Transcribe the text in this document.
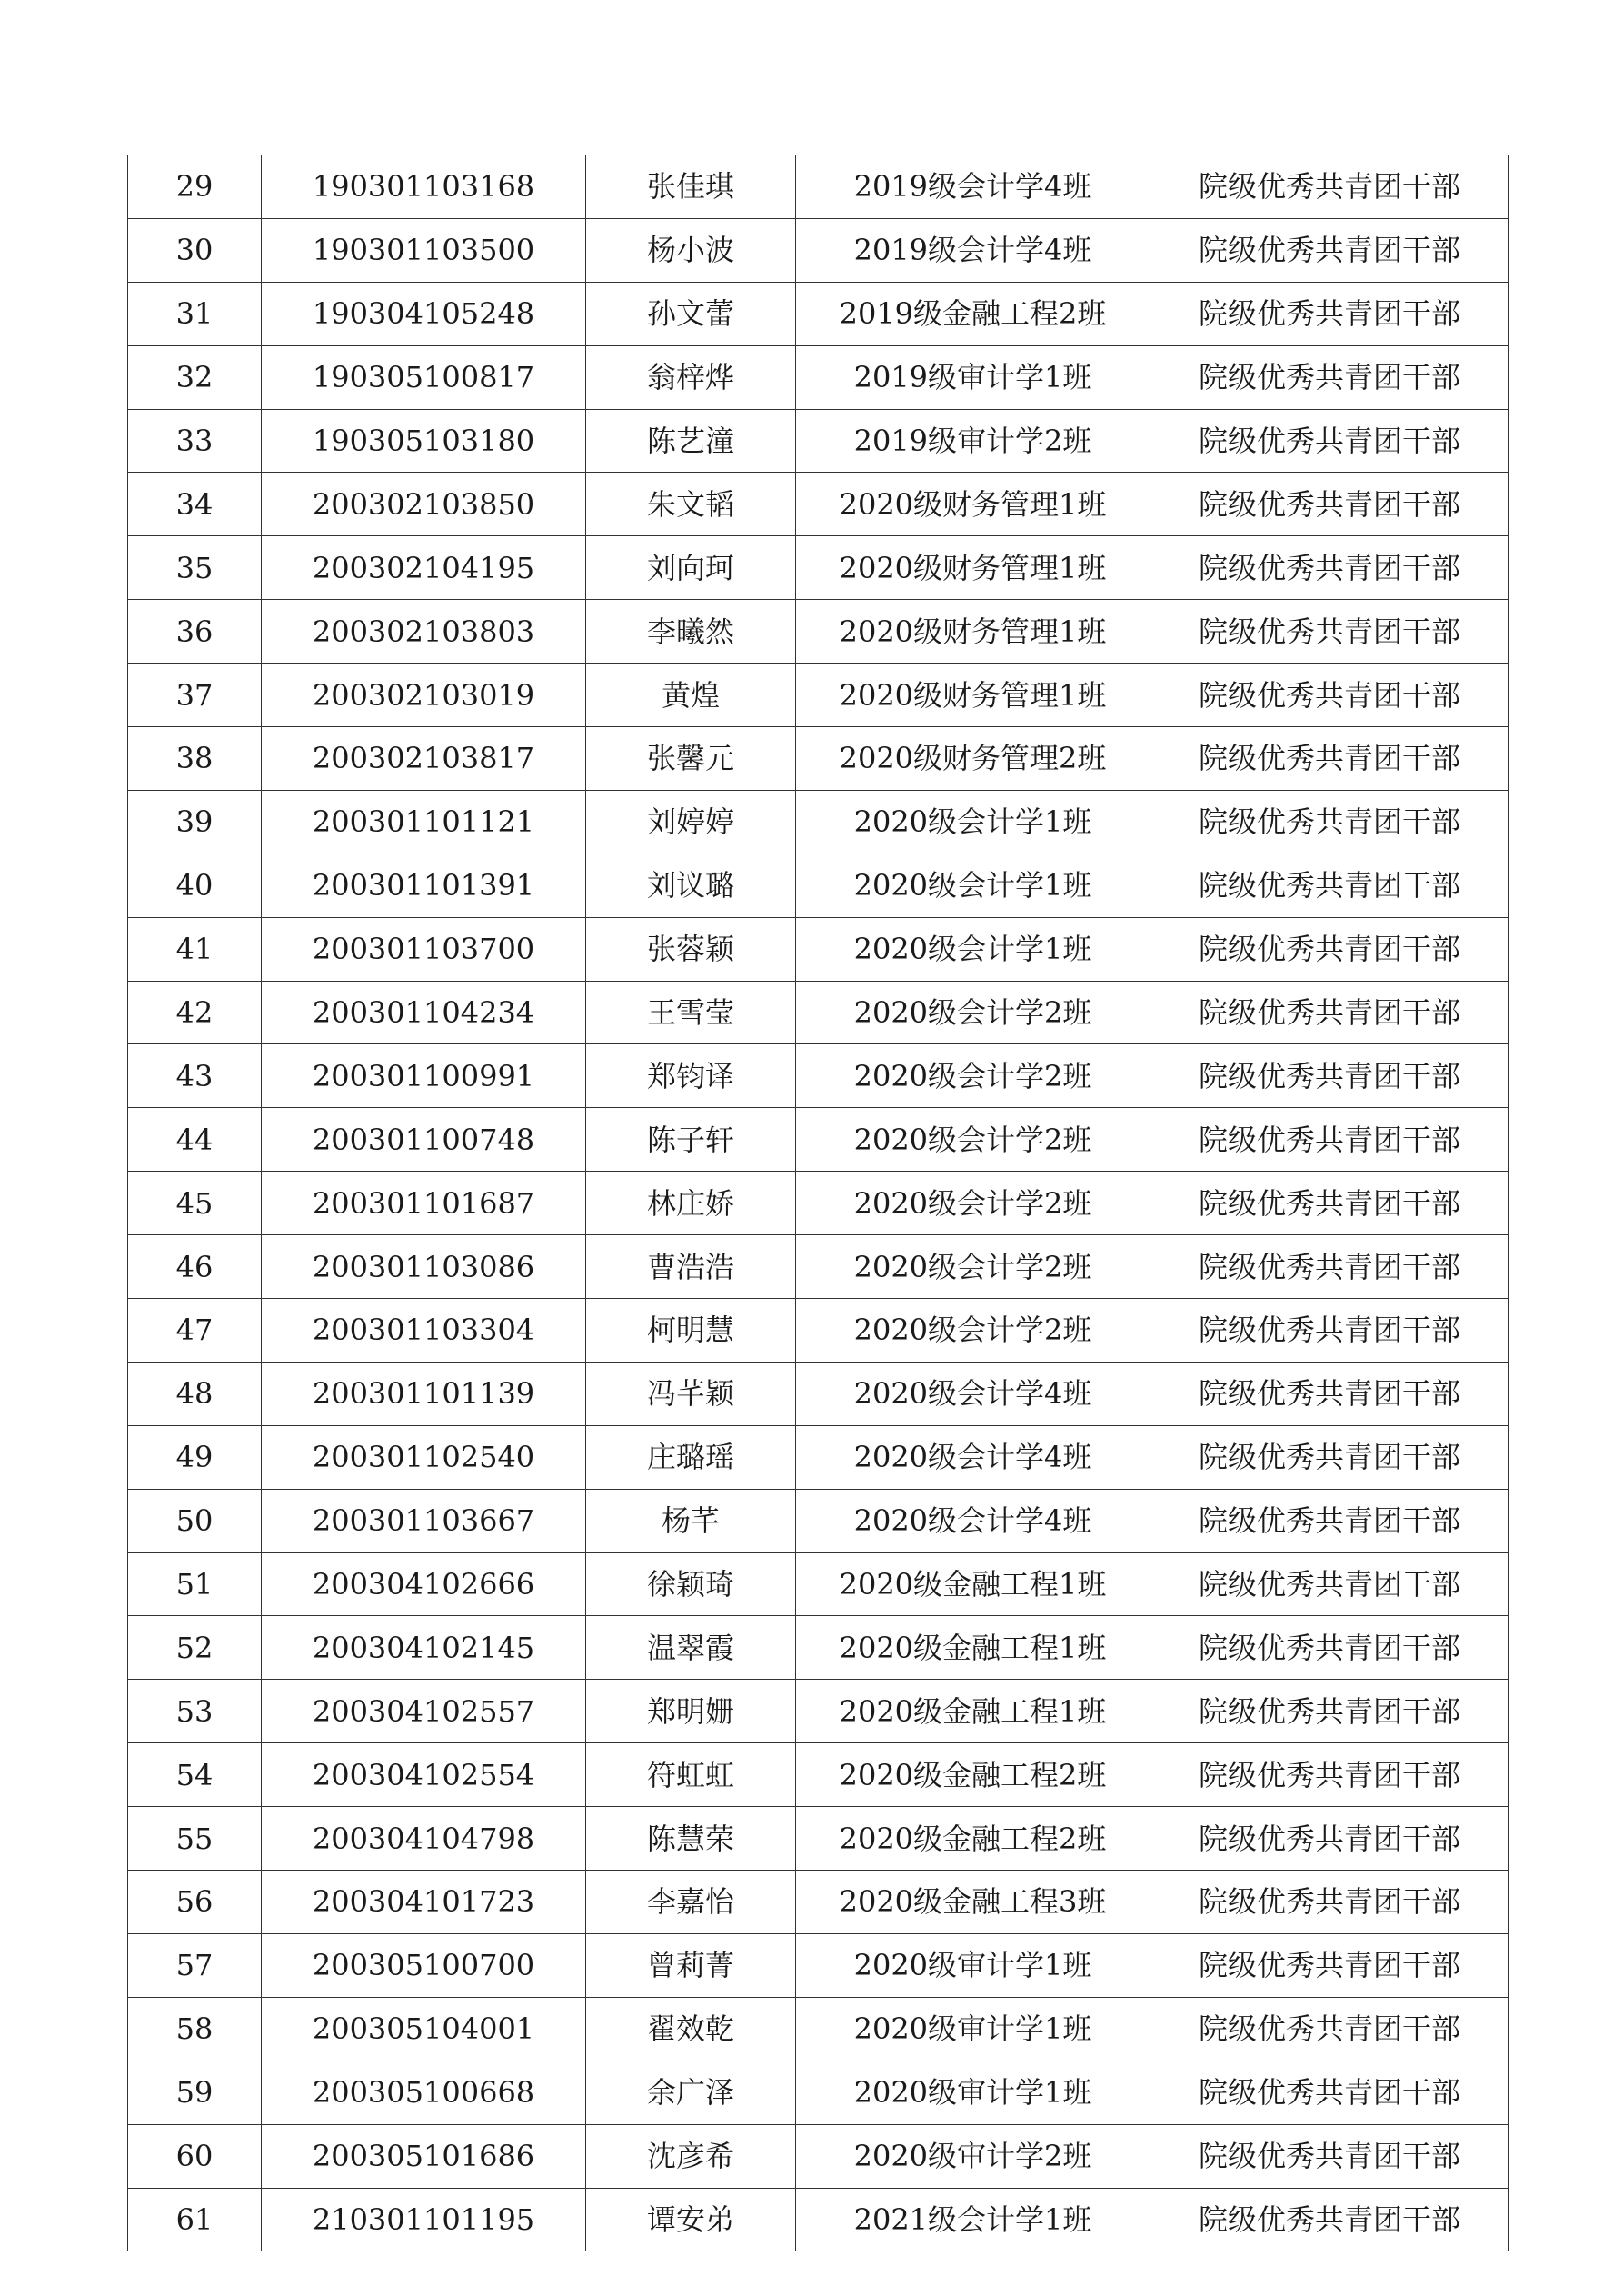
29	190301103168	张佳琪	2019级会计学4班	院级优秀共青团干部
30	190301103500	杨小波	2019级会计学4班	院级优秀共青团干部
31	190304105248	孙文蕾	2019级金融工程2班	院级优秀共青团干部
32	190305100817	翁梓烨	2019级审计学1班	院级优秀共青团干部
33	190305103180	陈艺潼	2019级审计学2班	院级优秀共青团干部
34	200302103850	朱文韬	2020级财务管理1班	院级优秀共青团干部
35	200302104195	刘向珂	2020级财务管理1班	院级优秀共青团干部
36	200302103803	李曦然	2020级财务管理1班	院级优秀共青团干部
37	200302103019	黄煌	2020级财务管理1班	院级优秀共青团干部
38	200302103817	张馨元	2020级财务管理2班	院级优秀共青团干部
39	200301101121	刘婷婷	2020级会计学1班	院级优秀共青团干部
40	200301101391	刘议璐	2020级会计学1班	院级优秀共青团干部
41	200301103700	张蓉颖	2020级会计学1班	院级优秀共青团干部
42	200301104234	王雪莹	2020级会计学2班	院级优秀共青团干部
43	200301100991	郑钧译	2020级会计学2班	院级优秀共青团干部
44	200301100748	陈子轩	2020级会计学2班	院级优秀共青团干部
45	200301101687	林庄娇	2020级会计学2班	院级优秀共青团干部
46	200301103086	曹浩浩	2020级会计学2班	院级优秀共青团干部
47	200301103304	柯明慧	2020级会计学2班	院级优秀共青团干部
48	200301101139	冯芊颖	2020级会计学4班	院级优秀共青团干部
49	200301102540	庄璐瑶	2020级会计学4班	院级优秀共青团干部
50	200301103667	杨芊	2020级会计学4班	院级优秀共青团干部
51	200304102666	徐颖琦	2020级金融工程1班	院级优秀共青团干部
52	200304102145	温翠霞	2020级金融工程1班	院级优秀共青团干部
53	200304102557	郑明姗	2020级金融工程1班	院级优秀共青团干部
54	200304102554	符虹虹	2020级金融工程2班	院级优秀共青团干部
55	200304104798	陈慧荣	2020级金融工程2班	院级优秀共青团干部
56	200304101723	李嘉怡	2020级金融工程3班	院级优秀共青团干部
57	200305100700	曾莉菁	2020级审计学1班	院级优秀共青团干部
58	200305104001	翟效乾	2020级审计学1班	院级优秀共青团干部
59	200305100668	余广泽	2020级审计学1班	院级优秀共青团干部
60	200305101686	沈彦希	2020级审计学2班	院级优秀共青团干部
61	210301101195	谭安弟	2021级会计学1班	院级优秀共青团干部
